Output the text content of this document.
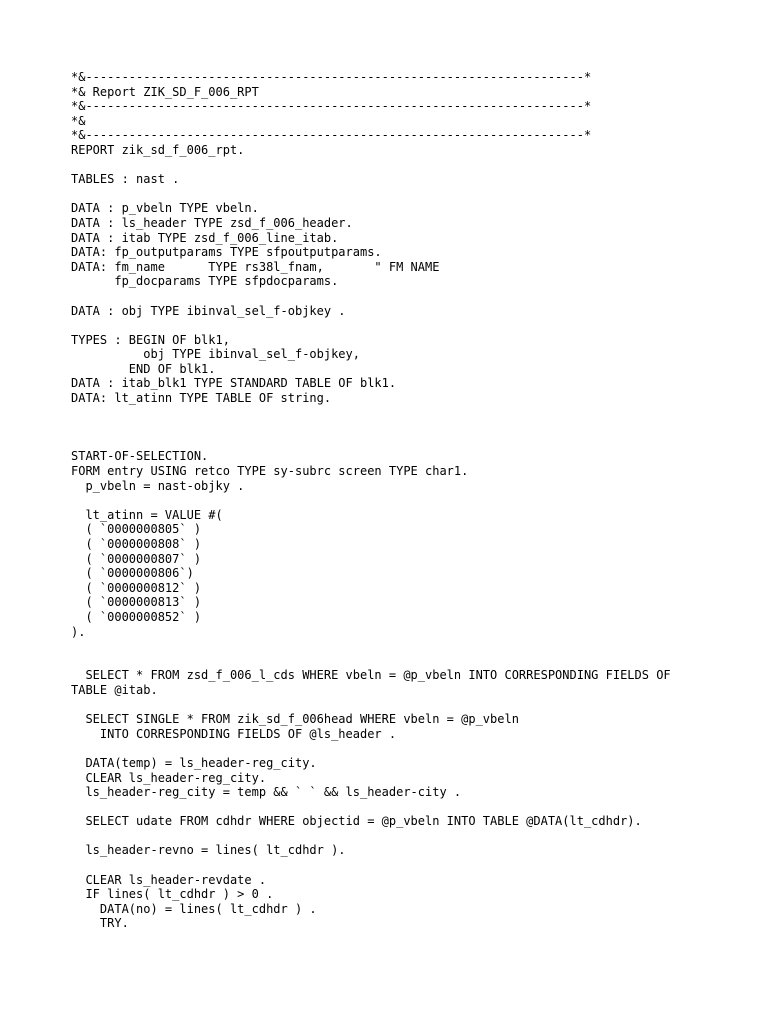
*&---------------------------------------------------------------------*
*& Report ZIK_SD_F_006_RPT
*&---------------------------------------------------------------------*
*&
*&---------------------------------------------------------------------*
REPORT zik_sd_f_006_rpt.
TABLES : nast .
DATA : p_vbeln TYPE vbeln.
DATA : ls_header TYPE zsd_f_006_header.
DATA : itab TYPE zsd_f_006_line_itab.
DATA: fp_outputparams TYPE sfpoutputparams.
DATA: fm_name      TYPE rs38l_fnam,       " FM NAME
fp_docparams TYPE sfpdocparams.
DATA : obj TYPE ibinval_sel_f-objkey .
TYPES : BEGIN OF blk1,
obj TYPE ibinval_sel_f-objkey,
END OF blk1.
DATA : itab_blk1 TYPE STANDARD TABLE OF blk1.
DATA: lt_atinn TYPE TABLE OF string.
START-OF-SELECTION.
FORM entry USING retco TYPE sy-subrc screen TYPE char1.
p_vbeln = nast-objky .
lt_atinn = VALUE #(
( `0000000805` )
( `0000000808` )
( `0000000807` )
( `0000000806`)
( `0000000812` )
( `0000000813` )
( `0000000852` )
).
SELECT * FROM zsd_f_006_l_cds WHERE vbeln = @p_vbeln INTO CORRESPONDING FIELDS OF
TABLE @itab.
SELECT SINGLE * FROM zik_sd_f_006head WHERE vbeln = @p_vbeln
INTO CORRESPONDING FIELDS OF @ls_header .
DATA(temp) = ls_header-reg_city.
CLEAR ls_header-reg_city.
ls_header-reg_city = temp && ` ` && ls_header-city .
SELECT udate FROM cdhdr WHERE objectid = @p_vbeln INTO TABLE @DATA(lt_cdhdr).
ls_header-revno = lines( lt_cdhdr ).
CLEAR ls_header-revdate .
IF lines( lt_cdhdr ) > 0 .
DATA(no) = lines( lt_cdhdr ) .
TRY.
